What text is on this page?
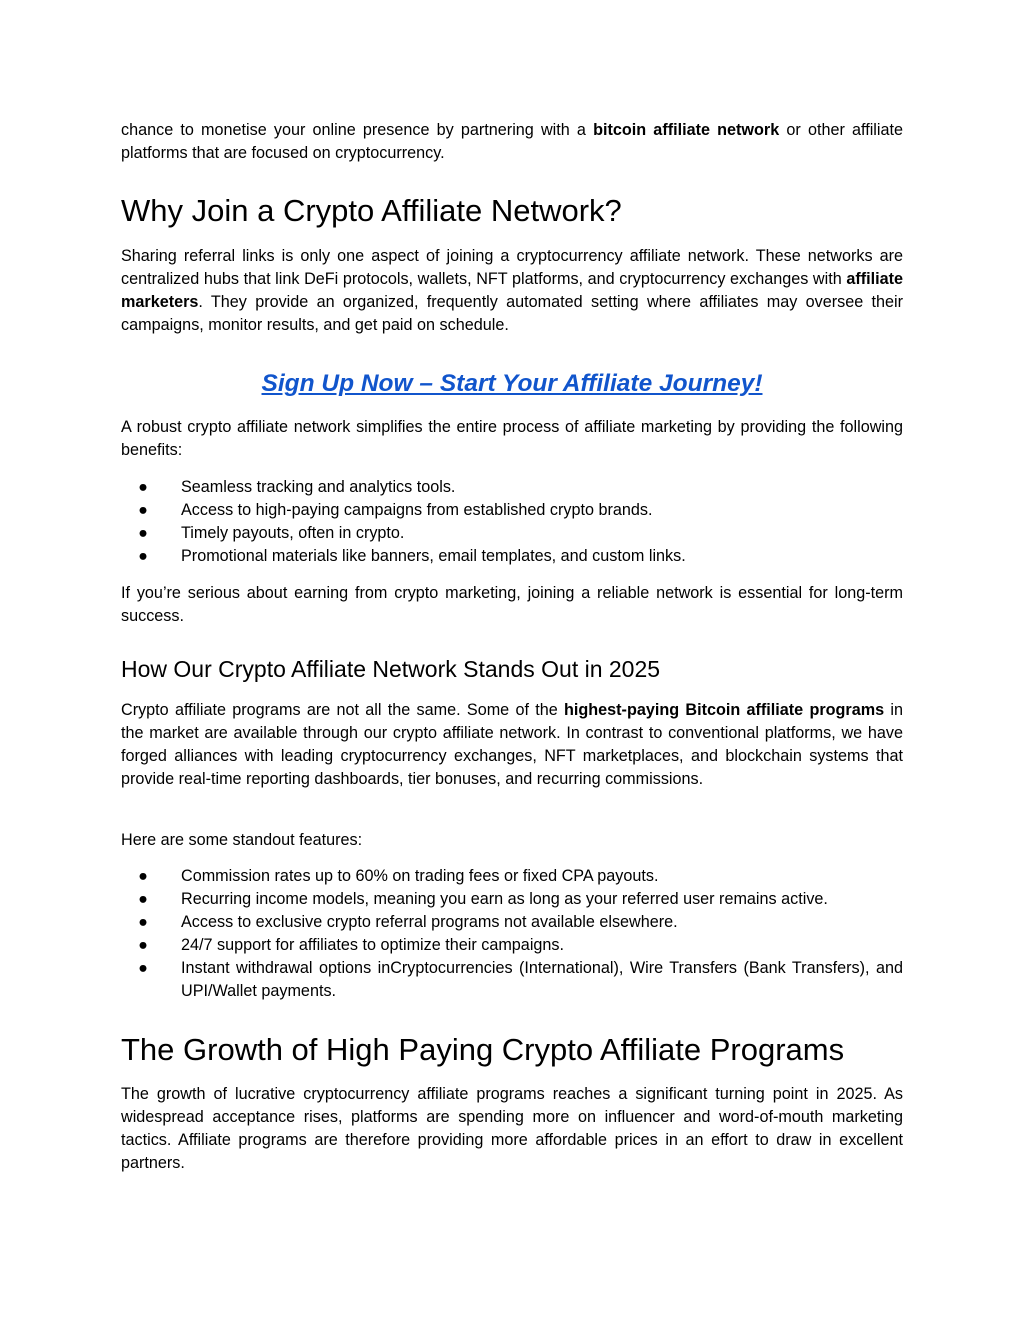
chance to monetise your online presence by partnering with a bitcoin affiliate network or other affiliate platforms that are focused on cryptocurrency.

Why Join a Crypto Affiliate Network?

Sharing referral links is only one aspect of joining a cryptocurrency affiliate network. These networks are centralized hubs that link DeFi protocols, wallets, NFT platforms, and cryptocurrency exchanges with affiliate marketers. They provide an organized, frequently automated setting where affiliates may oversee their campaigns, monitor results, and get paid on schedule.

Sign Up Now – Start Your Affiliate Journey!

A robust crypto affiliate network simplifies the entire process of affiliate marketing by providing the following benefits:

● Seamless tracking and analytics tools.
● Access to high-paying campaigns from established crypto brands.
● Timely payouts, often in crypto.
● Promotional materials like banners, email templates, and custom links.

If you’re serious about earning from crypto marketing, joining a reliable network is essential for long-term success.

How Our Crypto Affiliate Network Stands Out in 2025

Crypto affiliate programs are not all the same. Some of the highest-paying Bitcoin affiliate programs in the market are available through our crypto affiliate network. In contrast to conventional platforms, we have forged alliances with leading cryptocurrency exchanges, NFT marketplaces, and blockchain systems that provide real-time reporting dashboards, tier bonuses, and recurring commissions.

Here are some standout features:

● Commission rates up to 60% on trading fees or fixed CPA payouts.
● Recurring income models, meaning you earn as long as your referred user remains active.
● Access to exclusive crypto referral programs not available elsewhere.
● 24/7 support for affiliates to optimize their campaigns.
● Instant withdrawal options inCryptocurrencies (International), Wire Transfers (Bank Transfers), and UPI/Wallet payments.
The Growth of High Paying Crypto Affiliate Programs

The growth of lucrative cryptocurrency affiliate programs reaches a significant turning point in 2025. As widespread acceptance rises, platforms are spending more on influencer and word-of-mouth marketing tactics. Affiliate programs are therefore providing more affordable prices in an effort to draw in excellent partners.
